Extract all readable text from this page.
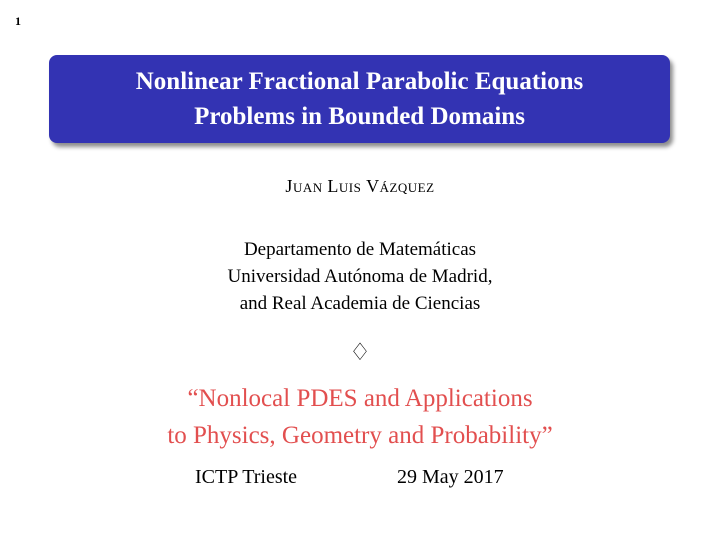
1
Nonlinear Fractional Parabolic Equations
Problems in Bounded Domains
JUAN LUIS VÁZQUEZ
Departamento de Matemáticas
Universidad Autónoma de Madrid,
and Real Academia de Ciencias
♢
“Nonlocal PDES and Applications
to Physics, Geometry and Probability”
ICTP Trieste	29 May 2017
